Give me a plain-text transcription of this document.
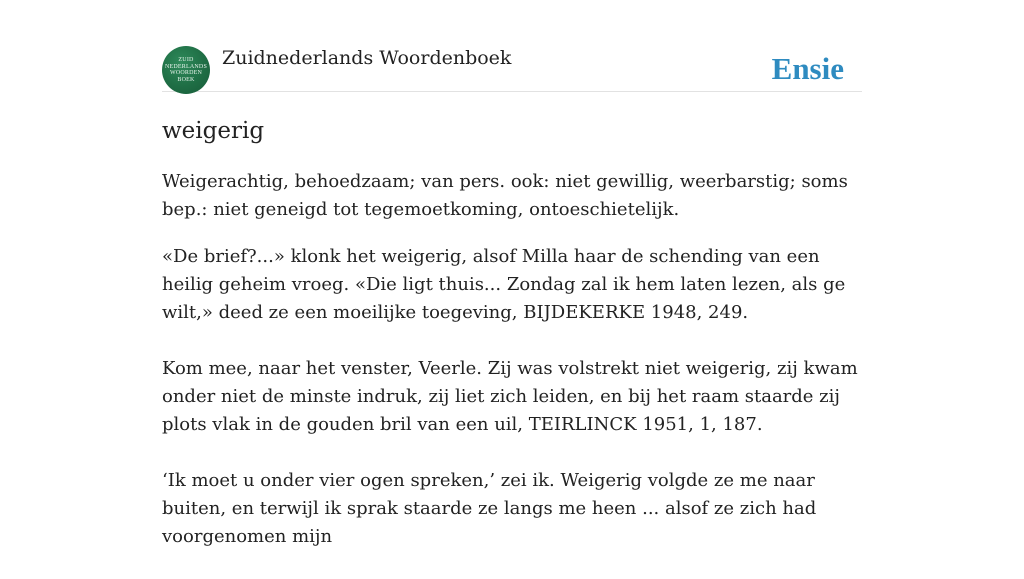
ZUID
NEDERLANDS
WOORDEN
BOEK
Zuidnederlands Woordenboek	Ensie
weigerig

Weigerachtig, behoedzaam; van pers. ook: niet gewillig, weerbarstig; soms bep.: niet geneigd tot tegemoetkoming, ontoeschietelijk.

«De brief?...» klonk het weigerig, alsof Milla haar de schending van een heilig geheim vroeg. «Die ligt thuis... Zondag zal ik hem laten lezen, als ge wilt,» deed ze een moeilijke toegeving, BIJDEKERKE 1948, 249.

Kom mee, naar het venster, Veerle. Zij was volstrekt niet weigerig, zij kwam onder niet de minste indruk, zij liet zich leiden, en bij het raam staarde zij plots vlak in de gouden bril van een uil, TEIRLINCK 1951, 1, 187.

‘Ik moet u onder vier ogen spreken,’ zei ik. Weigerig volgde ze me naar buiten, en terwijl ik sprak staarde ze langs me heen ... alsof ze zich had voorgenomen mijn
